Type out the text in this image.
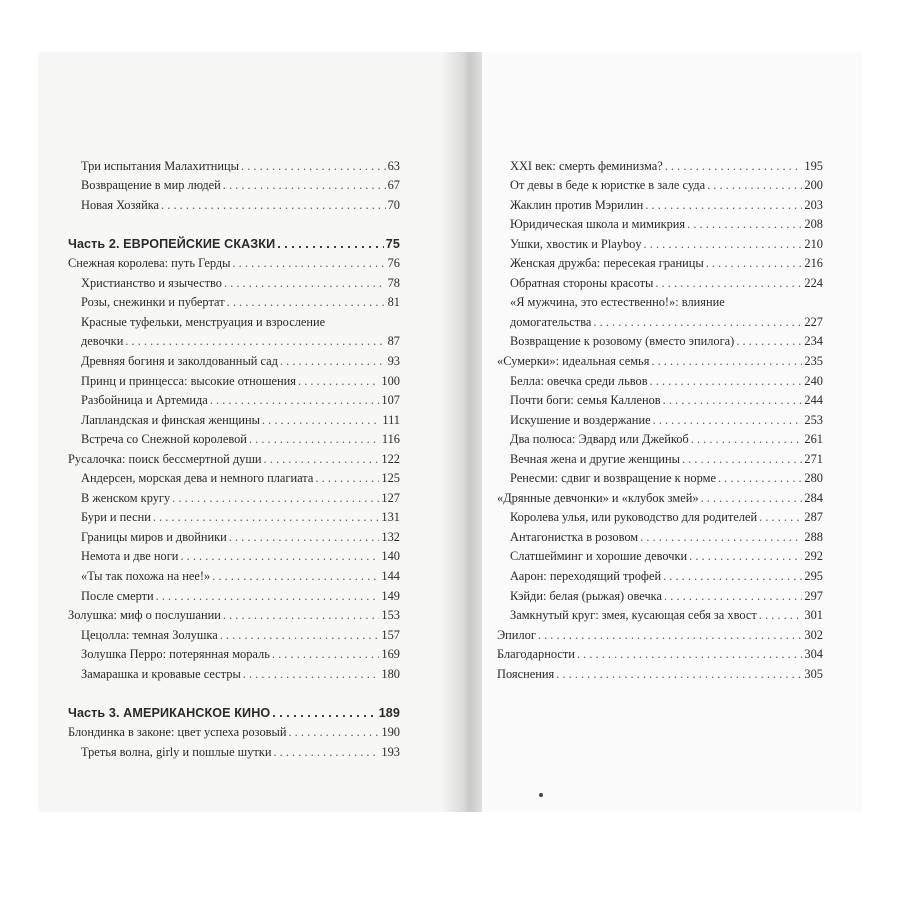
Три испытания Малахитницы . . .	63
Возвращение в мир людей . . .	67
Новая Хозяйка . . .	70
Часть 2. ЕВРОПЕЙСКИЕ СКАЗКИ . . .	75
Снежная королева: путь Герды . . .	76
Христианство и язычество . . .	78
Розы, снежинки и пубертат . . .	81
Красные туфельки, менструация и взросление
девочки . . .	87
Древняя богиня и заколдованный сад . . .	93
Принц и принцесса: высокие отношения . . .	100
Разбойница и Артемида . . .	107
Лапландская и финская женщины . . .	111
Встреча со Снежной королевой . . .	116
Русалочка: поиск бессмертной души . . .	122
Андерсен, морская дева и немного плагиата . . .	125
В женском кругу . . .	127
Бури и песни . . .	131
Границы миров и двойники . . .	132
Немота и две ноги . . .	140
«Ты так похожа на нее!» . . .	144
После смерти . . .	149
Золушка: миф о послушании . . .	153
Цецолла: темная Золушка . . .	157
Золушка Перро: потерянная мораль . . .	169
Замарашка и кровавые сестры . . .	180
Часть 3. АМЕРИКАНСКОЕ КИНО . . .	189
Блондинка в законе: цвет успеха розовый . . .	190
Третья волна, girly и пошлые шутки . . .	193
XXI век: смерть феминизма? . . .	195
От девы в беде к юристке в зале суда . . .	200
Жаклин против Мэрилин . . .	203
Юридическая школа и мимикрия . . .	208
Ушки, хвостик и Playboy . . .	210
Женская дружба: пересекая границы . . .	216
Обратная стороны красоты . . .	224
«Я мужчина, это естественно!»: влияние
домогательства . . .	227
Возвращение к розовому (вместо эпилога) . . .	234
«Сумерки»: идеальная семья . . .	235
Белла: овечка среди львов . . .	240
Почти боги: семья Калленов . . .	244
Искушение и воздержание . . .	253
Два полюса: Эдвард или Джейкоб . . .	261
Вечная жена и другие женщины . . .	271
Ренесми: сдвиг и возвращение к норме . . .	280
«Дрянные девчонки» и «клубок змей» . . .	284
Королева улья, или руководство для родителей . . .	287
Антагонистка в розовом . . .	288
Слатшейминг и хорошие девочки . . .	292
Аарон: переходящий трофей . . .	295
Кэйди: белая (рыжая) овечка . . .	297
Замкнутый круг: змея, кусающая себя за хвост . . .	301
Эпилог . . .	302
Благодарности . . .	304
Пояснения . . .	305
